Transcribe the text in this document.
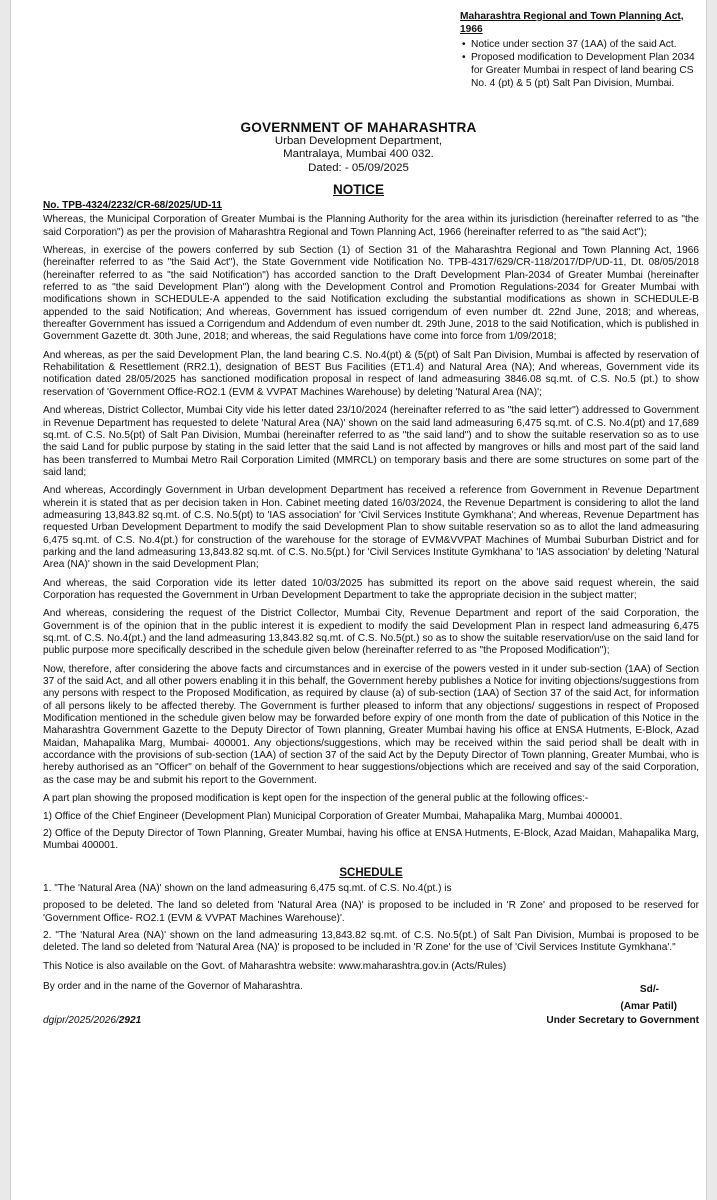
Maharashtra Regional and Town Planning Act, 1966
• Notice under section 37 (1AA) of the said Act.
• Proposed modification to Development Plan 2034 for Greater Mumbai in respect of land bearing CS No. 4 (pt) & 5 (pt) Salt Pan Division, Mumbai.
GOVERNMENT OF MAHARASHTRA
Urban Development Department,
Mantralaya, Mumbai 400 032.
Dated: - 05/09/2025
NOTICE
No. TPB-4324/2232/CR-68/2025/UD-11

Whereas, the Municipal Corporation of Greater Mumbai is the Planning Authority for the area within its jurisdiction (hereinafter referred to as "the said Corporation") as per the provision of Maharashtra Regional and Town Planning Act, 1966 (hereinafter referred to as "the said Act");

Whereas, in exercise of the powers conferred by sub Section (1) of Section 31 of the Maharashtra Regional and Town Planning Act, 1966 (hereinafter referred to as "the Said Act"), the State Government vide Notification No. TPB-4317/629/CR-118/2017/DP/UD-11, Dt. 08/05/2018 (hereinafter referred to as "the said Notification") has accorded sanction to the Draft Development Plan-2034 of Greater Mumbai (hereinafter referred to as "the said Development Plan") along with the Development Control and Promotion Regulations-2034 for Greater Mumbai with modifications shown in SCHEDULE-A appended to the said Notification excluding the substantial modifications as shown in SCHEDULE-B appended to the said Notification; And whereas, Government has issued corrigendum of even number dt. 22nd June, 2018; and whereas, thereafter Government has issued a Corrigendum and Addendum of even number dt. 29th June, 2018 to the said Notification, which is published in Government Gazette dt. 30th June, 2018; and whereas, the said Regulations have come into force from 1/09/2018;

And whereas, as per the said Development Plan, the land bearing C.S. No.4(pt) & (5(pt) of Salt Pan Division, Mumbai is affected by reservation of Rehabilitation & Resettlement (RR2.1), designation of BEST Bus Facilities (ET1.4) and Natural Area (NA); And whereas, Government vide its notification dated 28/05/2025 has sanctioned modification proposal in respect of land admeasuring 3846.08 sq.mt. of C.S. No.5 (pt.) to show reservation of 'Government Office-RO2.1 (EVM & VVPAT Machines Warehouse) by deleting 'Natural Area (NA)';

And whereas, District Collector, Mumbai City vide his letter dated 23/10/2024 (hereinafter referred to as "the said letter") addressed to Government in Revenue Department has requested to delete 'Natural Area (NA)' shown on the said land admeasuring 6,475 sq.mt. of C.S. No.4(pt) and 17,689 sq.mt. of C.S. No.5(pt) of Salt Pan Division, Mumbai (hereinafter referred to as "the said land") and to show the suitable reservation so as to use the said Land for public purpose by stating in the said letter that the said Land is not affected by mangroves or hills and most part of the said land has been transferred to Mumbai Metro Rail Corporation Limited (MMRCL) on temporary basis and there are some structures on some part of the said land;

And whereas, Accordingly Government in Urban development Department has received a reference from Government in Revenue Department wherein it is stated that as per decision taken in Hon. Cabinet meeting dated 16/03/2024, the Revenue Department is considering to allot the land admeasuring 13,843.82 sq.mt. of C.S. No.5(pt) to 'IAS association' for 'Civil Services Institute Gymkhana'; And whereas, Revenue Department has requested Urban Development Department to modify the said Development Plan to show suitable reservation so as to allot the land admeasuring 6,475 sq.mt. of C.S. No.4(pt.) for construction of the warehouse for the storage of EVM&VVPAT Machines of Mumbai Suburban District and for parking and the land admeasuring 13,843.82 sq.mt. of C.S. No.5(pt.) for 'Civil Services Institute Gymkhana' to 'IAS association' by deleting 'Natural Area (NA)' shown in the said Development Plan;

And whereas, the said Corporation vide its letter dated 10/03/2025 has submitted its report on the above said request wherein, the said Corporation has requested the Government in Urban Development Department to take the appropriate decision in the subject matter;

And whereas, considering the request of the District Collector, Mumbai City, Revenue Department and report of the said Corporation, the Government is of the opinion that in the public interest it is expedient to modify the said Development Plan in respect land admeasuring 6,475 sq.mt. of C.S. No.4(pt.) and the land admeasuring 13,843.82 sq.mt. of C.S. No.5(pt.) so as to show the suitable reservation/use on the said land for public purpose more specifically described in the schedule given below (hereinafter referred to as "the Proposed Modification");

Now, therefore, after considering the above facts and circumstances and in exercise of the powers vested in it under sub-section (1AA) of Section 37 of the said Act, and all other powers enabling it in this behalf, the Government hereby publishes a Notice for inviting objections/suggestions from any persons with respect to the Proposed Modification, as required by clause (a) of sub-section (1AA) of Section 37 of the said Act, for information of all persons likely to be affected thereby. The Government is further pleased to inform that any objections/ suggestions in respect of Proposed Modification mentioned in the schedule given below may be forwarded before expiry of one month from the date of publication of this Notice in the Maharashtra Government Gazette to the Deputy Director of Town planning, Greater Mumbai having his office at ENSA Hutments, E-Block, Azad Maidan, Mahapalika Marg, Mumbai- 400001. Any objections/suggestions, which may be received within the said period shall be dealt with in accordance with the provisions of sub-section (1AA) of section 37 of the said Act by the Deputy Director of Town planning, Greater Mumbai, who is hereby authorised as an "Officer" on behalf of the Government to hear suggestions/objections which are received and say of the said Corporation, as the case may be and submit his report to the Government.

A part plan showing the proposed modification is kept open for the inspection of the general public at the following offices:-

1) Office of the Chief Engineer (Development Plan) Municipal Corporation of Greater Mumbai, Mahapalika Marg, Mumbai 400001.

2) Office of the Deputy Director of Town Planning, Greater Mumbai, having his office at ENSA Hutments, E-Block, Azad Maidan, Mahapalika Marg, Mumbai 400001.

SCHEDULE

1. "The 'Natural Area (NA)' shown on the land admeasuring 6,475 sq.mt. of C.S. No.4(pt.) is

proposed to be deleted. The land so deleted from 'Natural Area (NA)' is proposed to be included in 'R Zone' and proposed to be reserved for 'Government Office- RO2.1 (EVM & VVPAT Machines Warehouse)'.

2. "The 'Natural Area (NA)' shown on the land admeasuring 13,843.82 sq.mt. of C.S. No.5(pt.) of Salt Pan Division, Mumbai is proposed to be deleted. The land so deleted from 'Natural Area (NA)' is proposed to be included in 'R Zone' for the use of 'Civil Services Institute Gymkhana'."

This Notice is also available on the Govt. of Maharashtra website: www.maharashtra.gov.in (Acts/Rules)

By order and in the name of the Governor of Maharashtra.	Sd/-
(Amar Patil)
dgipr/2025/2026/2921	Under Secretary to Government
